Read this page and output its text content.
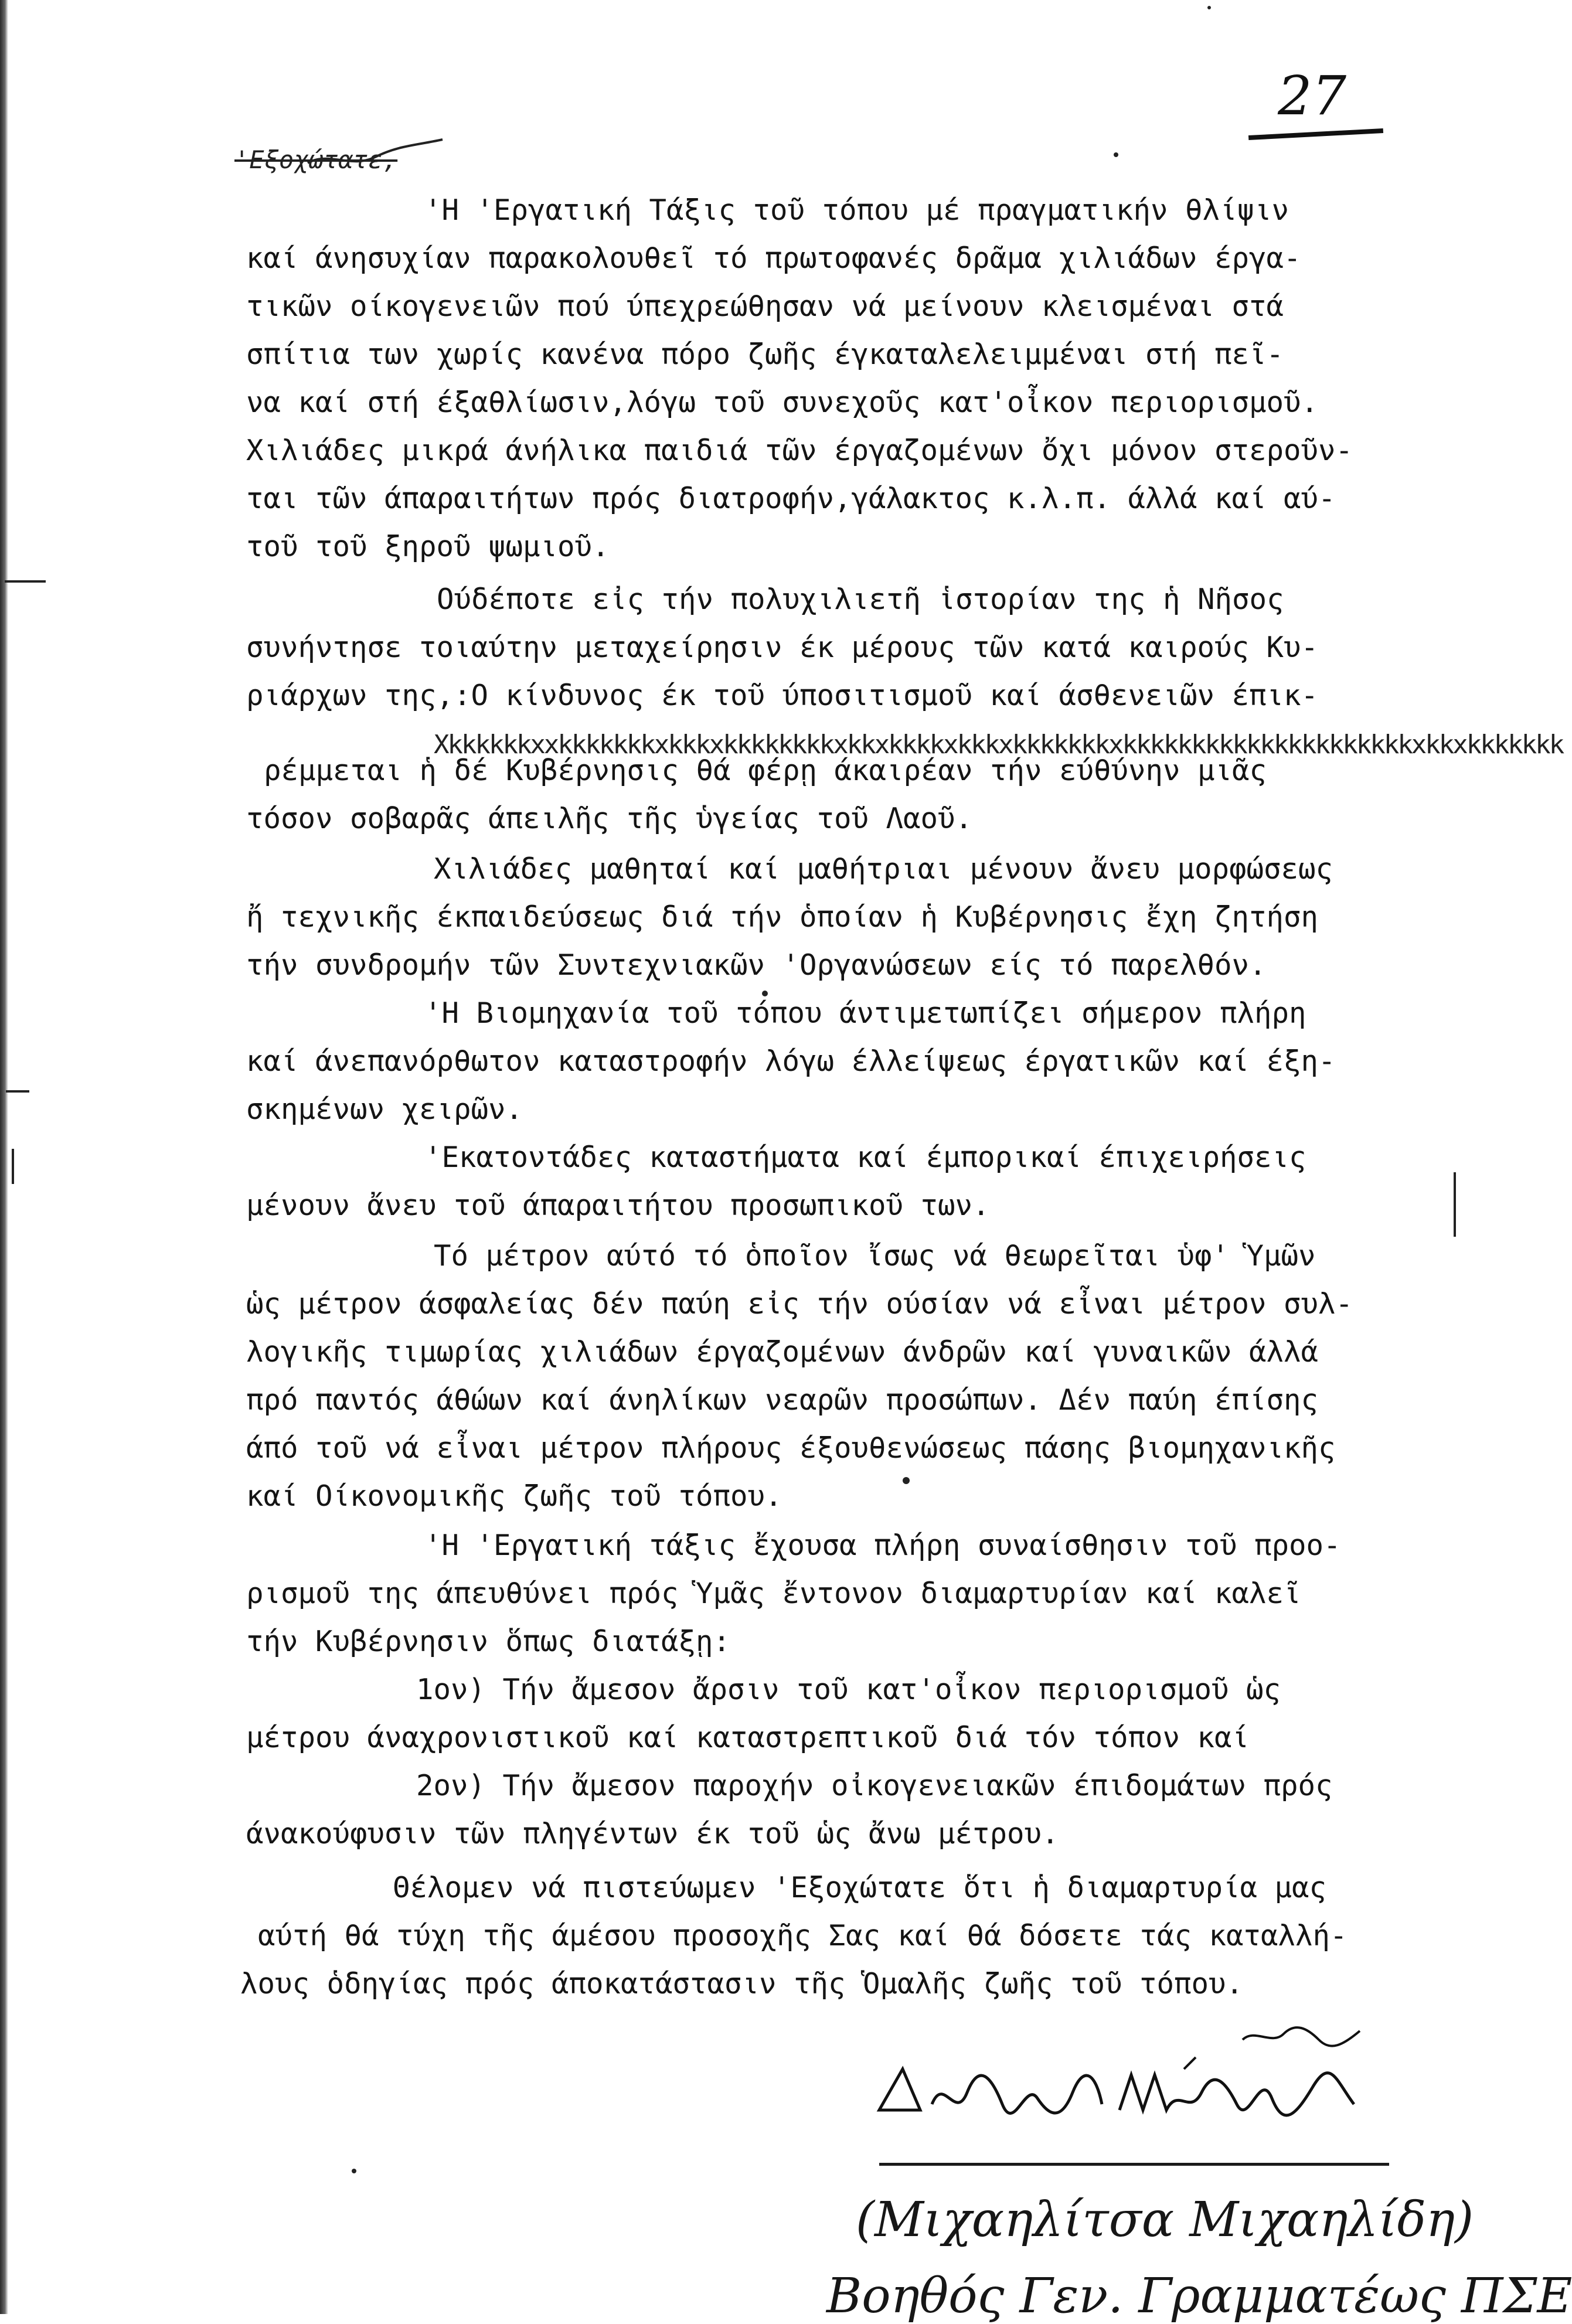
27
'Εξοχώτατε,
'Η 'Εργατική Τάξις τοῦ τόπου μέ πραγματικήν θλίψιν
καί άνησυχίαν παρακολουθεῖ τό πρωτοφανές δρᾶμα χιλιάδων έργα-
τικῶν οίκογενειῶν πού ύπεχρεώθησαν νά μείνουν κλεισμέναι στά
σπίτια των χωρίς κανένα πόρο ζωῆς έγκαταλελειμμέναι στή πεῖ-
να καί στή έξαθλίωσιν,λόγω τοῦ συνεχοῦς κατ'οἶκον περιορισμοῦ.
Χιλιάδες μικρά άνήλικα παιδιά τῶν έργαζομένων ὄχι μόνον στεροῦν-
ται τῶν άπαραιτήτων πρός διατροφήν,γάλακτος κ.λ.π. άλλά καί αύ-
τοῦ τοῦ ξηροῦ ψωμιοῦ.
Ούδέποτε εἰς τήν πολυχιλιετῆ ἱστορίαν της ἡ Νῆσος
συνήντησε τοιαύτην μεταχείρησιν έκ μέρους τῶν κατά καιρούς Κυ-
ριάρχων της,:Ο κίνδυνος έκ τοῦ ύποσιτισμοῦ καί άσθενειῶν έπικ-
Xkkkkkkxxkkkkkkkxkkkxkkkkkkkkxkkxkkkkxkkkxkkkkkkkxkkkkkkkkkkkkkkkkkkkkkxkkxkkkkkkk
ρέμμεται ἡ δέ Κυβέρνησις θά φέρῃ άκαιρέαν τήν εύθύνην μιᾶς
τόσον σοβαρᾶς άπειλῆς τῆς ὑγείας τοῦ Λαοῦ.
Χιλιάδες μαθηταί καί μαθήτριαι μένουν ἄνευ μορφώσεως
ἤ τεχνικῆς έκπαιδεύσεως διά τήν ὁποίαν ἡ Κυβέρνησις ἔχη ζητήση
τήν συνδρομήν τῶν Συντεχνιακῶν 'Οργανώσεων είς τό παρελθόν.
'Η Βιομηχανία τοῦ τόπου άντιμετωπίζει σήμερον πλήρη
καί άνεπανόρθωτον καταστροφήν λόγω έλλείψεως έργατικῶν καί έξη-
σκημένων χειρῶν.
'Εκατοντάδες καταστήματα καί έμπορικαί έπιχειρήσεις
μένουν ἄνευ τοῦ άπαραιτήτου προσωπικοῦ των.
Τό μέτρον αύτό τό ὁποῖον ἴσως νά θεωρεῖται ὑφ' Ὑμῶν
ὡς μέτρον άσφαλείας δέν παύη εἰς τήν ούσίαν νά εἶναι μέτρον συλ-
λογικῆς τιμωρίας χιλιάδων έργαζομένων άνδρῶν καί γυναικῶν άλλά
πρό παντός άθώων καί άνηλίκων νεαρῶν προσώπων. Δέν παύη έπίσης
άπό τοῦ νά εἶναι μέτρον πλήρους έξουθενώσεως πάσης βιομηχανικῆς
καί Οίκονομικῆς ζωῆς τοῦ τόπου.
'Η 'Εργατική τάξις ἔχουσα πλήρη συναίσθησιν τοῦ προο-
ρισμοῦ της άπευθύνει πρός Ὑμᾶς ἔντονον διαμαρτυρίαν καί καλεῖ
τήν Κυβέρνησιν ὅπως διατάξῃ:
1ον) Τήν ἄμεσον ἄρσιν τοῦ κατ'οἶκον περιορισμοῦ ὡς
μέτρου άναχρονιστικοῦ καί καταστρεπτικοῦ διά τόν τόπον καί
2ον) Τήν ἄμεσον παροχήν οἰκογενειακῶν έπιδομάτων πρός
άνακούφυσιν τῶν πληγέντων έκ τοῦ ὡς ἄνω μέτρου.
Θέλομεν νά πιστεύωμεν 'Εξοχώτατε ὅτι ἡ διαμαρτυρία μας
αύτή θά τύχη τῆς άμέσου προσοχῆς Σας καί θά δόσετε τάς καταλλή-
λους ὁδηγίας πρός άποκατάστασιν τῆς Ὁμαλῆς ζωῆς τοῦ τόπου.
(Μιχαηλίτσα Μιχαηλίδη)
Βοηθός Γεν. Γραμματέως ΠΣΕ
